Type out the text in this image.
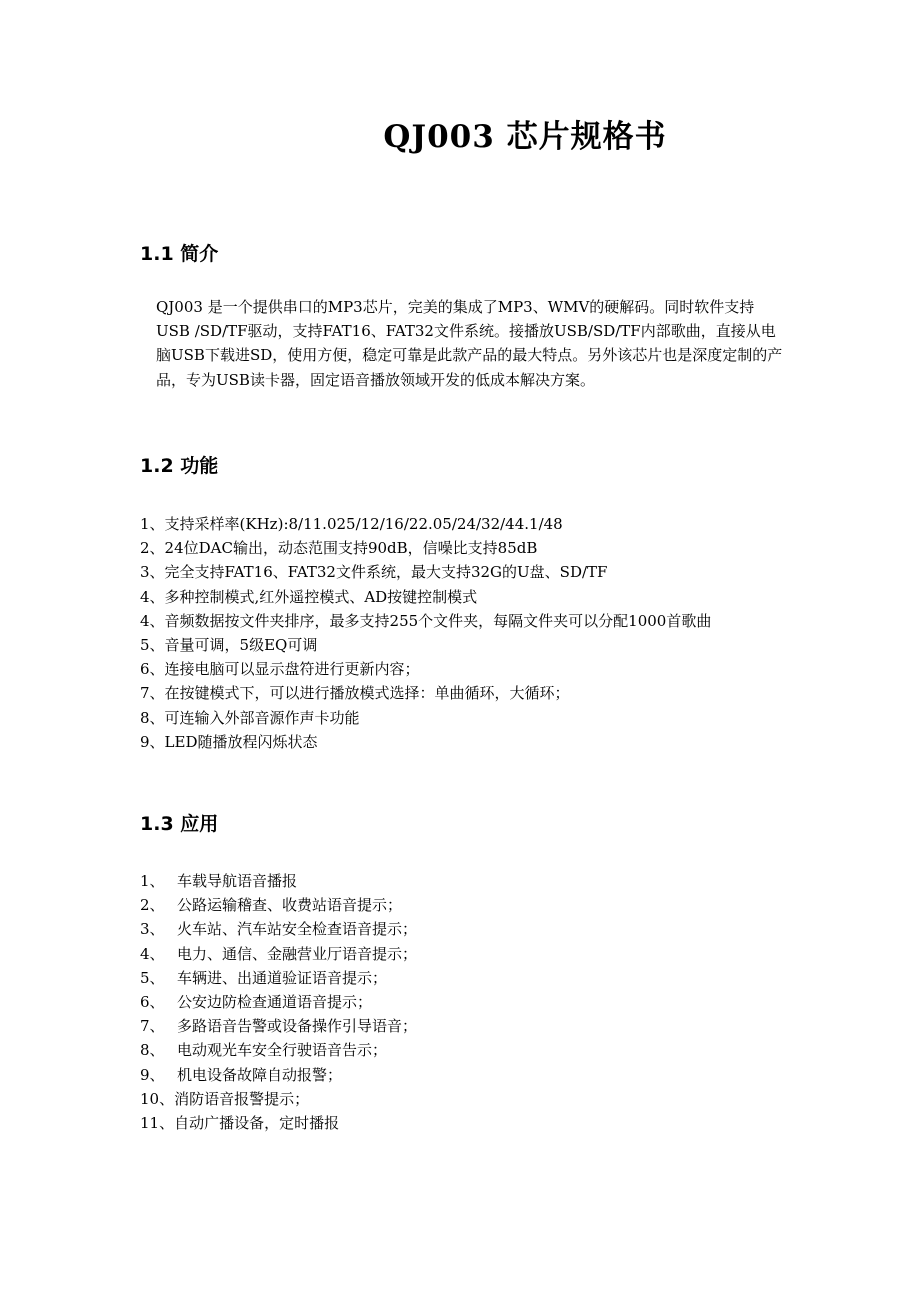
QJ003 芯片规格书
1.1 简介

QJ003 是一个提供串口的MP3芯片，完美的集成了MP3、WMV的硬解码。同时软件支持USB /SD/TF驱动，支持FAT16、FAT32文件系统。接播放USB/SD/TF内部歌曲，直接从电脑USB下载进SD，使用方便，稳定可靠是此款产品的最大特点。另外该芯片也是深度定制的产品，专为USB读卡器，固定语音播放领域开发的低成本解决方案。

1.2 功能
1、支持采样率(KHz):8/11.025/12/16/22.05/24/32/44.1/48
2、24位DAC输出，动态范围支持90dB，信噪比支持85dB
3、完全支持FAT16、FAT32文件系统，最大支持32G的U盘、SD/TF
4、多种控制模式,红外遥控模式、AD按键控制模式
4、音频数据按文件夹排序，最多支持255个文件夹，每隔文件夹可以分配1000首歌曲
5、音量可调，5级EQ可调
6、连接电脑可以显示盘符进行更新内容；
7、在按键模式下，可以进行播放模式选择：单曲循环，大循环；
8、可连输入外部音源作声卡功能
9、LED随播放程闪烁状态
1.3 应用
1、 车载导航语音播报
2、 公路运输稽查、收费站语音提示；
3、 火车站、汽车站安全检查语音提示；
4、 电力、通信、金融营业厅语音提示；
5、 车辆进、出通道验证语音提示；
6、 公安边防检查通道语音提示；
7、 多路语音告警或设备操作引导语音；
8、 电动观光车安全行驶语音告示；
9、 机电设备故障自动报警；
10、消防语音报警提示；
11、自动广播设备，定时播报
